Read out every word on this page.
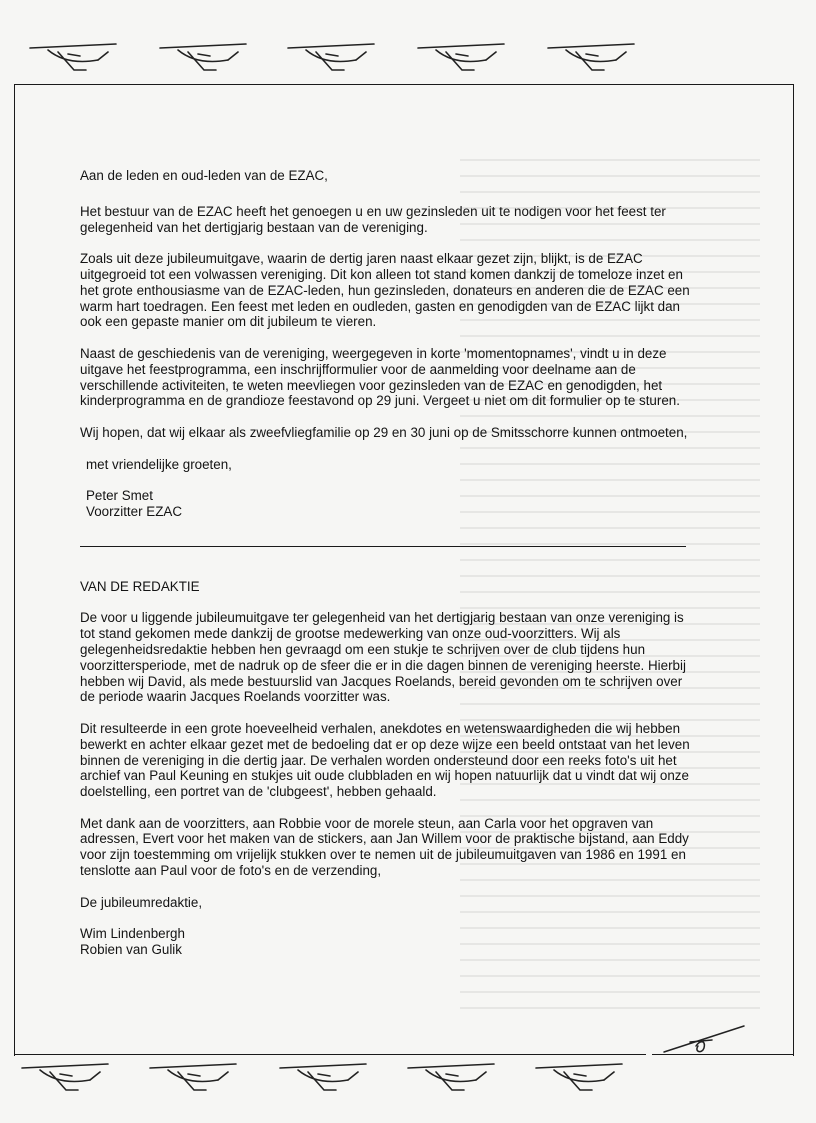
Aan de leden en oud-leden van de EZAC,

Het bestuur van de EZAC heeft het genoegen u en uw gezinsleden uit te nodigen voor het feest ter gelegenheid van het dertigjarig bestaan van de vereniging.

Zoals uit deze jubileumuitgave, waarin de dertig jaren naast elkaar gezet zijn, blijkt, is de EZAC uitgegroeid tot een volwassen vereniging. Dit kon alleen tot stand komen dankzij de tomeloze inzet en het grote enthousiasme van de EZAC-leden, hun gezinsleden, donateurs en anderen die de EZAC een warm hart toedragen. Een feest met leden en oudleden, gasten en genodigden van de EZAC lijkt dan ook een gepaste manier om dit jubileum te vieren.

Naast de geschiedenis van de vereniging, weergegeven in korte 'momentopnames', vindt u in deze uitgave het feestprogramma, een inschrijfformulier voor de aanmelding voor deelname aan de verschillende activiteiten, te weten meevliegen voor gezinsleden van de EZAC en genodigden, het kinderprogramma en de grandioze feestavond op 29 juni. Vergeet u niet om dit formulier op te sturen.

Wij hopen, dat wij elkaar als zweefvliegfamilie op 29 en 30 juni op de Smitsschorre kunnen ontmoeten,

met vriendelijke groeten,

Peter Smet
Voorzitter EZAC

VAN DE REDAKTIE

De voor u liggende jubileumuitgave ter gelegenheid van het dertigjarig bestaan van onze vereniging is tot stand gekomen mede dankzij de grootse medewerking van onze oud-voorzitters. Wij als gelegenheidsredaktie hebben hen gevraagd om een stukje te schrijven over de club tijdens hun voorzittersperiode, met de nadruk op de sfeer die er in die dagen binnen de vereniging heerste. Hierbij hebben wij David, als mede bestuurslid van Jacques Roelands, bereid gevonden om te schrijven over de periode waarin Jacques Roelands voorzitter was.

Dit resulteerde in een grote hoeveelheid verhalen, anekdotes en wetenswaardigheden die wij hebben bewerkt en achter elkaar gezet met de bedoeling dat er op deze wijze een beeld ontstaat van het leven binnen de vereniging in die dertig jaar. De verhalen worden ondersteund door een reeks foto's uit het archief van Paul Keuning en stukjes uit oude clubbladen en wij hopen natuurlijk dat u vindt dat wij onze doelstelling, een portret van de 'clubgeest', hebben gehaald.

Met dank aan de voorzitters, aan Robbie voor de morele steun, aan Carla voor het opgraven van adressen, Evert voor het maken van de stickers, aan Jan Willem voor de praktische bijstand, aan Eddy voor zijn toestemming om vrijelijk stukken over te nemen uit de jubileumuitgaven van 1986 en 1991 en tenslotte aan Paul voor de foto's en de verzending,

De jubileumredaktie,

Wim Lindenbergh
Robien van Gulik
